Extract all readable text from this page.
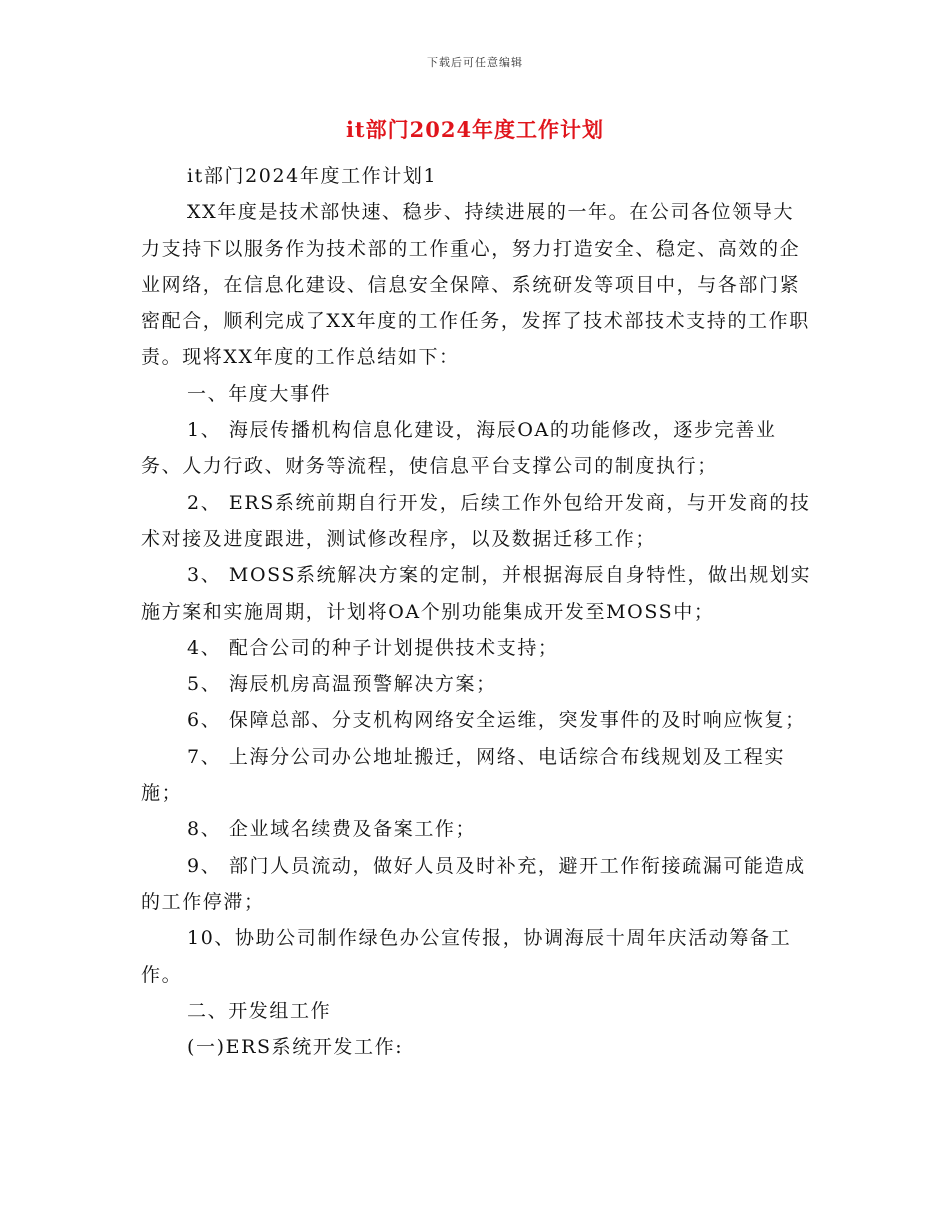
下载后可任意编辑
it部门2024年度工作计划

it部门2024年度工作计划1

XX年度是技术部快速、稳步、持续进展的一年。在公司各位领导大力支持下以服务作为技术部的工作重心，努力打造安全、稳定、高效的企业网络，在信息化建设、信息安全保障、系统研发等项目中，与各部门紧密配合，顺利完成了XX年度的工作任务，发挥了技术部技术支持的工作职责。现将XX年度的工作总结如下：

一、年度大事件

1、 海辰传播机构信息化建设，海辰OA的功能修改，逐步完善业务、人力行政、财务等流程，使信息平台支撑公司的制度执行；

2、 ERS系统前期自行开发，后续工作外包给开发商，与开发商的技术对接及进度跟进，测试修改程序，以及数据迁移工作；

3、 MOSS系统解决方案的定制，并根据海辰自身特性，做出规划实施方案和实施周期，计划将OA个别功能集成开发至MOSS中；

4、 配合公司的种子计划提供技术支持；

5、 海辰机房高温预警解决方案；

6、 保障总部、分支机构网络安全运维，突发事件的及时响应恢复；

7、 上海分公司办公地址搬迁，网络、电话综合布线规划及工程实施；

8、 企业域名续费及备案工作；

9、 部门人员流动，做好人员及时补充，避开工作衔接疏漏可能造成的工作停滞；

10、协助公司制作绿色办公宣传报，协调海辰十周年庆活动筹备工作。

二、开发组工作

(一)ERS系统开发工作:
